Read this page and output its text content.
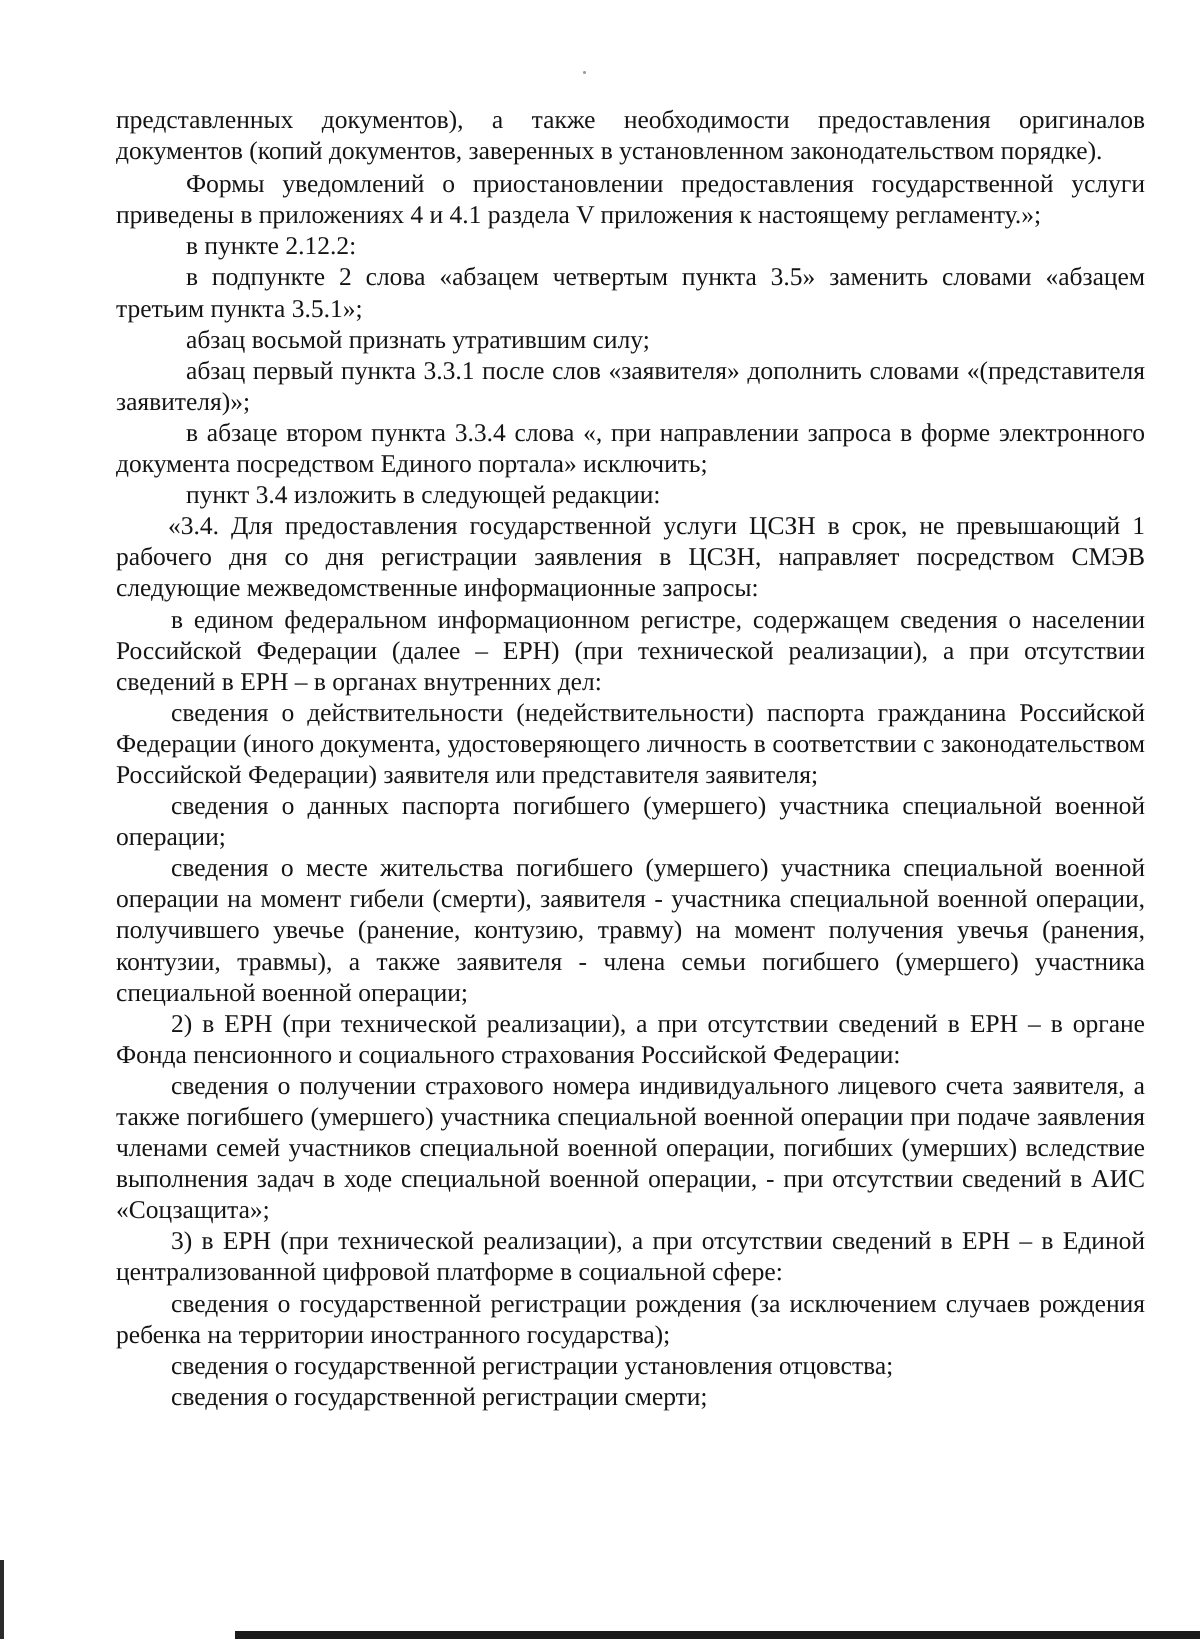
представленных документов), а также необходимости предоставления оригиналов документов (копий документов, заверенных в установленном законодательством порядке).

Формы уведомлений о приостановлении предоставления государственной услуги приведены в приложениях 4 и 4.1 раздела V приложения к настоящему регламенту.»;

в пункте 2.12.2:

в подпункте 2 слова «абзацем четвертым пункта 3.5» заменить словами «абзацем третьим пункта 3.5.1»;

абзац восьмой признать утратившим силу;

абзац первый пункта 3.3.1 после слов «заявителя» дополнить словами «(представителя заявителя)»;

в абзаце втором пункта 3.3.4 слова «, при направлении запроса в форме электронного документа посредством Единого портала» исключить;

пункт 3.4 изложить в следующей редакции:

«3.4. Для предоставления государственной услуги ЦСЗН в срок, не превышающий 1 рабочего дня со дня регистрации заявления в ЦСЗН, направляет посредством СМЭВ следующие межведомственные информационные запросы:

в едином федеральном информационном регистре, содержащем сведения о населении Российской Федерации (далее – ЕРН) (при технической реализации), а при отсутствии сведений в ЕРН – в органах внутренних дел:

сведения о действительности (недействительности) паспорта гражданина Российской Федерации (иного документа, удостоверяющего личность в соответствии с законодательством Российской Федерации) заявителя или представителя заявителя;

сведения о данных паспорта погибшего (умершего) участника специальной военной операции;

сведения о месте жительства погибшего (умершего) участника специальной военной операции на момент гибели (смерти), заявителя - участника специальной военной операции, получившего увечье (ранение, контузию, травму) на момент получения увечья (ранения, контузии, травмы), а также заявителя - члена семьи погибшего (умершего) участника специальной военной операции;

2) в ЕРН (при технической реализации), а при отсутствии сведений в ЕРН – в органе Фонда пенсионного и социального страхования Российской Федерации:

сведения о получении страхового номера индивидуального лицевого счета заявителя, а также погибшего (умершего) участника специальной военной операции при подаче заявления членами семей участников специальной военной операции, погибших (умерших) вследствие выполнения задач в ходе специальной военной операции, - при отсутствии сведений в АИС «Соцзащита»;

3) в ЕРН (при технической реализации), а при отсутствии сведений в ЕРН – в Единой централизованной цифровой платформе в социальной сфере:

сведения о государственной регистрации рождения (за исключением случаев рождения ребенка на территории иностранного государства);

сведения о государственной регистрации установления отцовства;

сведения о государственной регистрации смерти;
